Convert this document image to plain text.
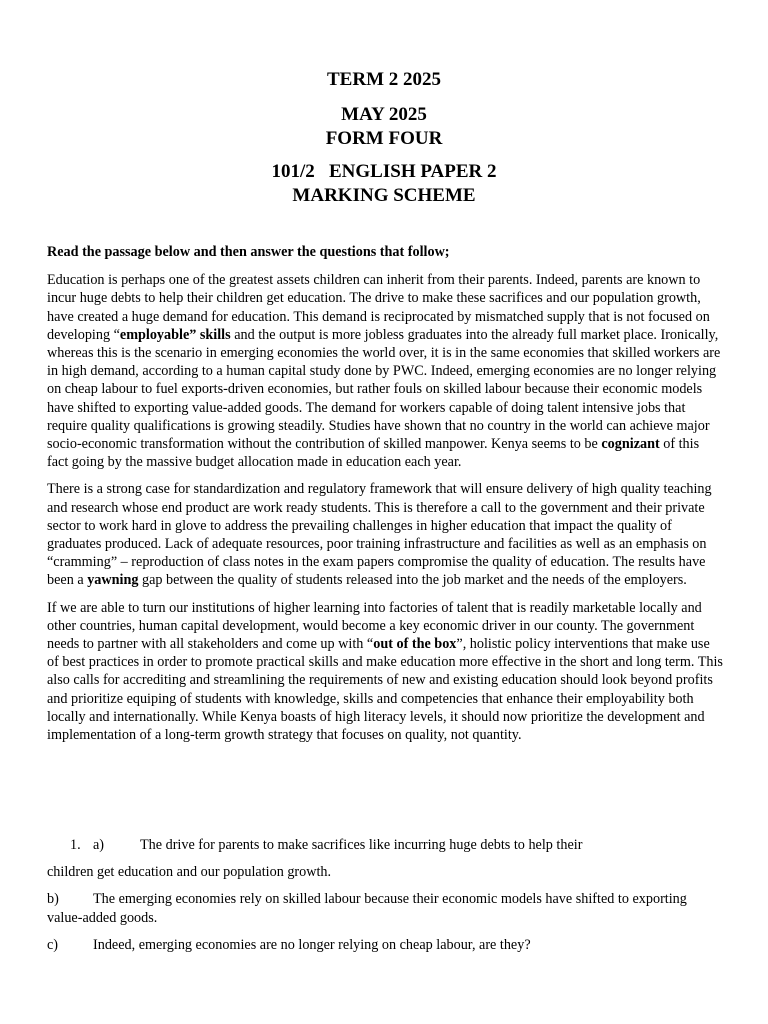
TERM 2 2025
MAY 2025
FORM FOUR
101/2   ENGLISH PAPER 2
MARKING SCHEME
Read the passage below and then answer the questions that follow;

Education is perhaps one of the greatest assets children can inherit from their parents. Indeed, parents are known to incur huge debts to help their children get education. The drive to make these sacrifices and our population growth, have created a huge demand for education. This demand is reciprocated by mismatched supply that is not focused on developing “employable” skills and the output is more jobless graduates into the already full market place. Ironically, whereas this is the scenario in emerging economies the world over, it is in the same economies that skilled workers are in high demand, according to a human capital study done by PWC. Indeed, emerging economies are no longer relying on cheap labour to fuel exports-driven economies, but rather fouls on skilled labour because their economic models have shifted to exporting value-added goods. The demand for workers capable of doing talent intensive jobs that require quality qualifications is growing steadily. Studies have shown that no country in the world can achieve major socio-economic transformation without the contribution of skilled manpower. Kenya seems to be cognizant of this fact going by the massive budget allocation made in education each year.

There is a strong case for standardization and regulatory framework that will ensure delivery of high quality teaching and research whose end product are work ready students. This is therefore a call to the government and their private sector to work hard in glove to address the prevailing challenges in higher education that impact the quality of graduates produced. Lack of adequate resources, poor training infrastructure and facilities as well as an emphasis on “cramming” – reproduction of class notes in the exam papers compromise the quality of education. The results have been a yawning gap between the quality of students released into the job market and the needs of the employers.

If we are able to turn our institutions of higher learning into factories of talent that is readily marketable locally and other countries, human capital development, would become a key economic driver in our county. The government needs to partner with all stakeholders and come up with “out of the box”, holistic policy interventions that make use of best practices in order to promote practical skills and make education more effective in the short and long term. This also calls for accrediting and streamlining the requirements of new and existing education should look beyond profits and prioritize equiping of students with knowledge, skills and competencies that enhance their employability both locally and internationally. While Kenya boasts of high literacy levels, it should now prioritize the development and implementation of a long-term growth strategy that focuses on quality, not quantity.

1. a)	The drive for parents to make sacrifices like incurring huge debts to help their
children get education and our population growth.
b) The emerging economies rely on skilled labour because their economic models have shifted to exporting value-added goods.
c) Indeed, emerging economies are no longer relying on cheap labour, are they?
